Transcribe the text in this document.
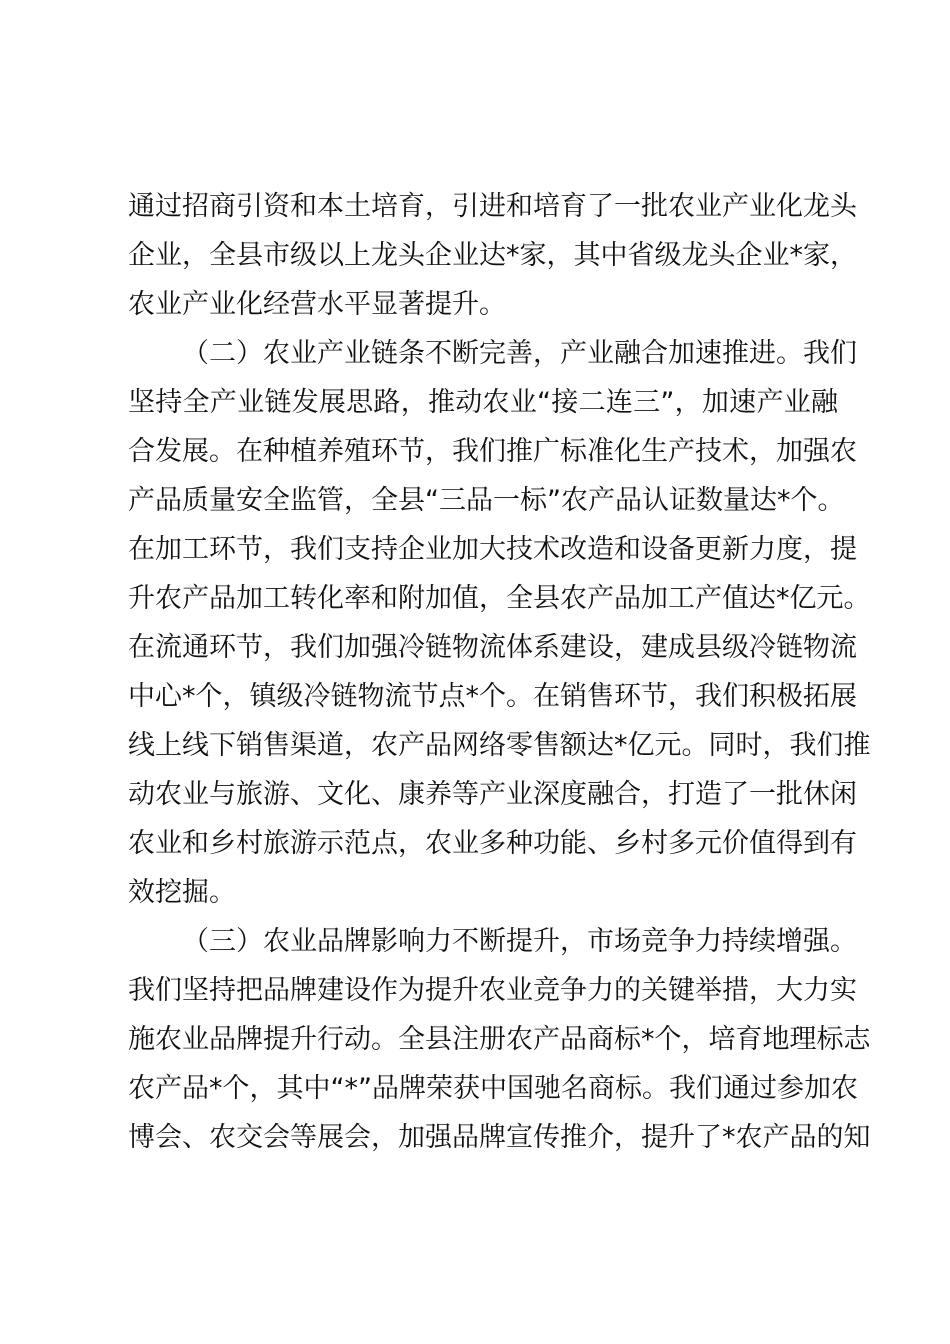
通过招商引资和本土培育，引进和培育了一批农业产业化龙头
企业，全县市级以上龙头企业达*家，其中省级龙头企业*家，
农业产业化经营水平显著提升。
（二）农业产业链条不断完善，产业融合加速推进。我们
坚持全产业链发展思路，推动农业“接二连三”，加速产业融
合发展。在种植养殖环节，我们推广标准化生产技术，加强农
产品质量安全监管，全县“三品一标”农产品认证数量达*个。
在加工环节，我们支持企业加大技术改造和设备更新力度，提
升农产品加工转化率和附加值，全县农产品加工产值达*亿元。
在流通环节，我们加强冷链物流体系建设，建成县级冷链物流
中心*个，镇级冷链物流节点*个。在销售环节，我们积极拓展
线上线下销售渠道，农产品网络零售额达*亿元。同时，我们推
动农业与旅游、文化、康养等产业深度融合，打造了一批休闲
农业和乡村旅游示范点，农业多种功能、乡村多元价值得到有
效挖掘。
（三）农业品牌影响力不断提升，市场竞争力持续增强。
我们坚持把品牌建设作为提升农业竞争力的关键举措，大力实
施农业品牌提升行动。全县注册农产品商标*个，培育地理标志
农产品*个，其中“*”品牌荣获中国驰名商标。我们通过参加农
博会、农交会等展会，加强品牌宣传推介，提升了*农产品的知
